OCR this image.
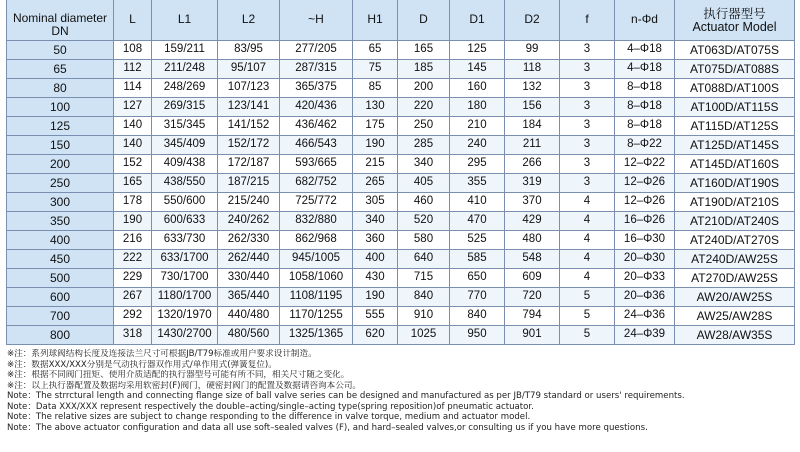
Nominal diameter DN	L	L1	L2	~H	H1	D	D1	D2	f	n-Φd	执行器型号
Actuator Model

50	108	159/211	83/95	277/205	65	165	125	99	3	4–Φ18	AT063D/AT075S
65	112	211/248	95/107	287/315	75	185	145	118	3	4–Φ18	AT075D/AT088S
80	114	248/269	107/123	365/375	85	200	160	132	3	8–Φ18	AT088D/AT100S
100	127	269/315	123/141	420/436	130	220	180	156	3	8–Φ18	AT100D/AT115S
125	140	315/345	141/152	436/462	175	250	210	184	3	8–Φ18	AT115D/AT125S
150	140	345/409	152/172	466/543	190	285	240	211	3	8–Φ22	AT125D/AT145S
200	152	409/438	172/187	593/665	215	340	295	266	3	12–Φ22	AT145D/AT160S
250	165	438/550	187/215	682/752	265	405	355	319	3	12–Φ26	AT160D/AT190S
300	178	550/600	215/240	725/772	305	460	410	370	4	12–Φ26	AT190D/AT210S
350	190	600/633	240/262	832/880	340	520	470	429	4	16–Φ26	AT210D/AT240S
400	216	633/730	262/330	862/968	360	580	525	480	4	16–Φ30	AT240D/AT270S
450	222	633/1700	262/440	945/1005	400	640	585	548	4	20–Φ30	AT240D/AW25S
500	229	730/1700	330/440	1058/1060	430	715	650	609	4	20–Φ33	AT270D/AW25S
600	267	1180/1700	365/440	1108/1195	190	840	770	720	5	20–Φ36	AW20/AW25S
700	292	1320/1970	440/480	1170/1255	555	910	840	794	5	24–Φ36	AW25/AW28S
800	318	1430/2700	480/560	1325/1365	620	1025	950	901	5	24–Φ39	AW28/AW35S
※注：系列球阀结构长度及连接法兰尺寸可根据JB/T79标准或用户要求设计制造。
※注：数据XXX/XXX分别是气动执行器双作用式/单作用式(弹簧复位)。
※注：根据不同阀门扭矩、使用介质适配的执行器型号可能有所不同，相关尺寸随之变化。
※注：以上执行器配置及数据均采用软密封(F)阀门，硬密封阀门的配置及数据请咨询本公司。
Note：The strrctural length and connecting flange size of ball valve series can be designed and manufactured as per JB/T79 standard or users' requirements.
Note：Data XXX/XXX represent respectively the double–acting/single–acting type(spring reposition)of pneumatic actuator.
Note：The relative sizes are subject to change responding to the difference in valve torque, medium and actuator model.
Note：The above actuator configuration and data all use soft–sealed valves (F), and hard–sealed valves,or consulting us if you have more questions.
